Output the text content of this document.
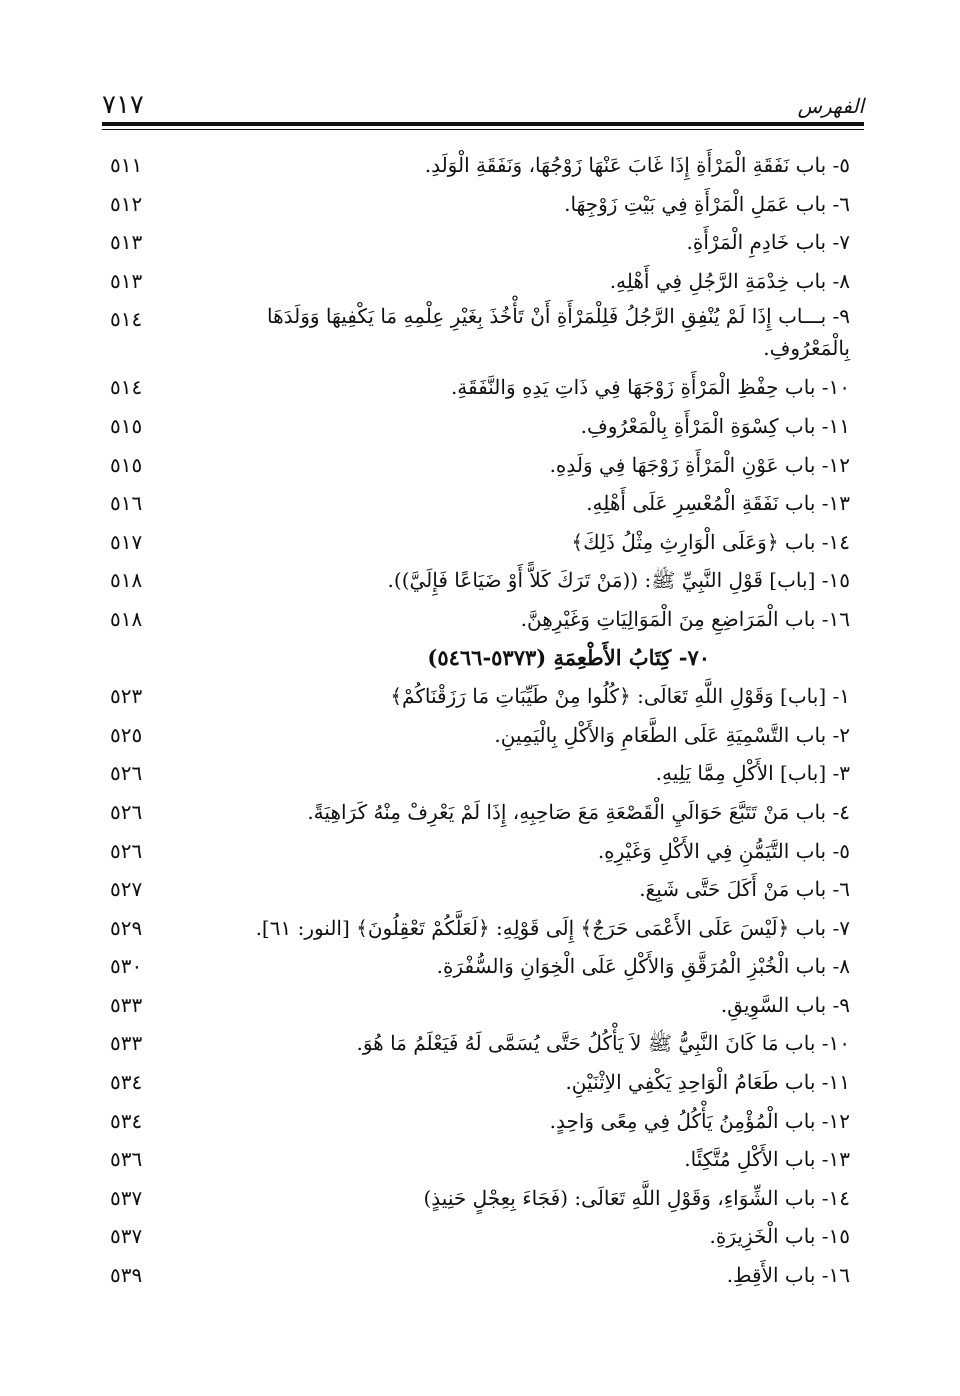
الفهرس
٧١٧
٥- باب نَفَقَةِ الْمَرْأَةِ إِذَا غَابَ عَنْهَا زَوْجُهَا، وَنَفَقَةِ الْوَلَدِ.
٥١١
٦- باب عَمَلِ الْمَرْأَةِ فِي بَيْتِ زَوْجِهَا.
٥١٢
٧- باب خَادِمِ الْمَرْأَةِ.
٥١٣
٨- باب خِدْمَةِ الرَّجُلِ فِي أَهْلِهِ.
٥١٣
٩- بـــاب إِذَا لَمْ يُنْفِقِ الرَّجُلُ فَلِلْمَرْأَةِ أَنْ تَأْخُذَ بِغَيْرِ عِلْمِهِ مَا يَكْفِيهَا وَوَلَدَهَا بِالْمَعْرُوفِ.
٥١٤
١٠- باب حِفْظِ الْمَرْأَةِ زَوْجَهَا فِي ذَاتِ يَدِهِ وَالنَّفَقَةِ.
٥١٤
١١- باب كِسْوَةِ الْمَرْأَةِ بِالْمَعْرُوفِ.
٥١٥
١٢- باب عَوْنِ الْمَرْأَةِ زَوْجَهَا فِي وَلَدِهِ.
٥١٥
١٣- باب نَفَقَةِ الْمُعْسِرِ عَلَى أَهْلِهِ.
٥١٦
١٤- باب ﴿وَعَلَى الْوَارِثِ مِثْلُ ذَلِكَ﴾
٥١٧
١٥- [باب] قَوْلِ النَّبِيِّ ﷺ: ((مَنْ تَرَكَ كَلاًّ أَوْ ضَيَاعًا فَإِلَيَّ)).
٥١٨
١٦- باب الْمَرَاضِعِ مِنَ الْمَوَالِيَاتِ وَغَيْرِهِنَّ.
٥١٨
٧٠- كِتَابُ الأَطْعِمَةِ (٥٣٧٣-٥٤٦٦)
١- [باب] وَقَوْلِ اللَّهِ تَعَالَى: ﴿كُلُوا مِنْ طَيِّبَاتِ مَا رَزَقْنَاكُمْ﴾
٥٢٣
٢- باب التَّسْمِيَةِ عَلَى الطَّعَامِ وَالأَكْلِ بِالْيَمِينِ.
٥٢٥
٣- [باب] الأَكْلِ مِمَّا يَلِيهِ.
٥٢٦
٤- باب مَنْ تَتَبَّعَ حَوَالَيِ الْقَصْعَةِ مَعَ صَاحِبِهِ، إِذَا لَمْ يَعْرِفْ مِنْهُ كَرَاهِيَةً.
٥٢٦
٥- باب التَّيَمُّنِ فِي الأَكْلِ وَغَيْرِهِ.
٥٢٦
٦- باب مَنْ أَكَلَ حَتَّى شَبِعَ.
٥٢٧
٧- باب ﴿لَيْسَ عَلَى الأَعْمَى حَرَجٌ﴾ إِلَى قَوْلِهِ: ﴿لَعَلَّكُمْ تَعْقِلُونَ﴾ [النور: ٦١].
٥٢٩
٨- باب الْخُبْزِ الْمُرَقَّقِ وَالأَكْلِ عَلَى الْخِوَانِ وَالسُّفْرَةِ.
٥٣٠
٩- باب السَّوِيقِ.
٥٣٣
١٠- باب مَا كَانَ النَّبِيُّ ﷺ لاَ يَأْكُلُ حَتَّى يُسَمَّى لَهُ فَيَعْلَمُ مَا هُوَ.
٥٣٣
١١- باب طَعَامُ الْوَاحِدِ يَكْفِي الاِثْنَيْنِ.
٥٣٤
١٢- باب الْمُؤْمِنُ يَأْكُلُ فِي مِعًى وَاحِدٍ.
٥٣٤
١٣- باب الأَكْلِ مُتَّكِئًا.
٥٣٦
١٤- باب الشِّوَاءِ، وَقَوْلِ اللَّهِ تَعَالَى: (فَجَاءَ بِعِجْلٍ حَنِيذٍ)
٥٣٧
١٥- باب الْخَزِيرَةِ.
٥٣٧
١٦- باب الأَقِطِ.
٥٣٩
